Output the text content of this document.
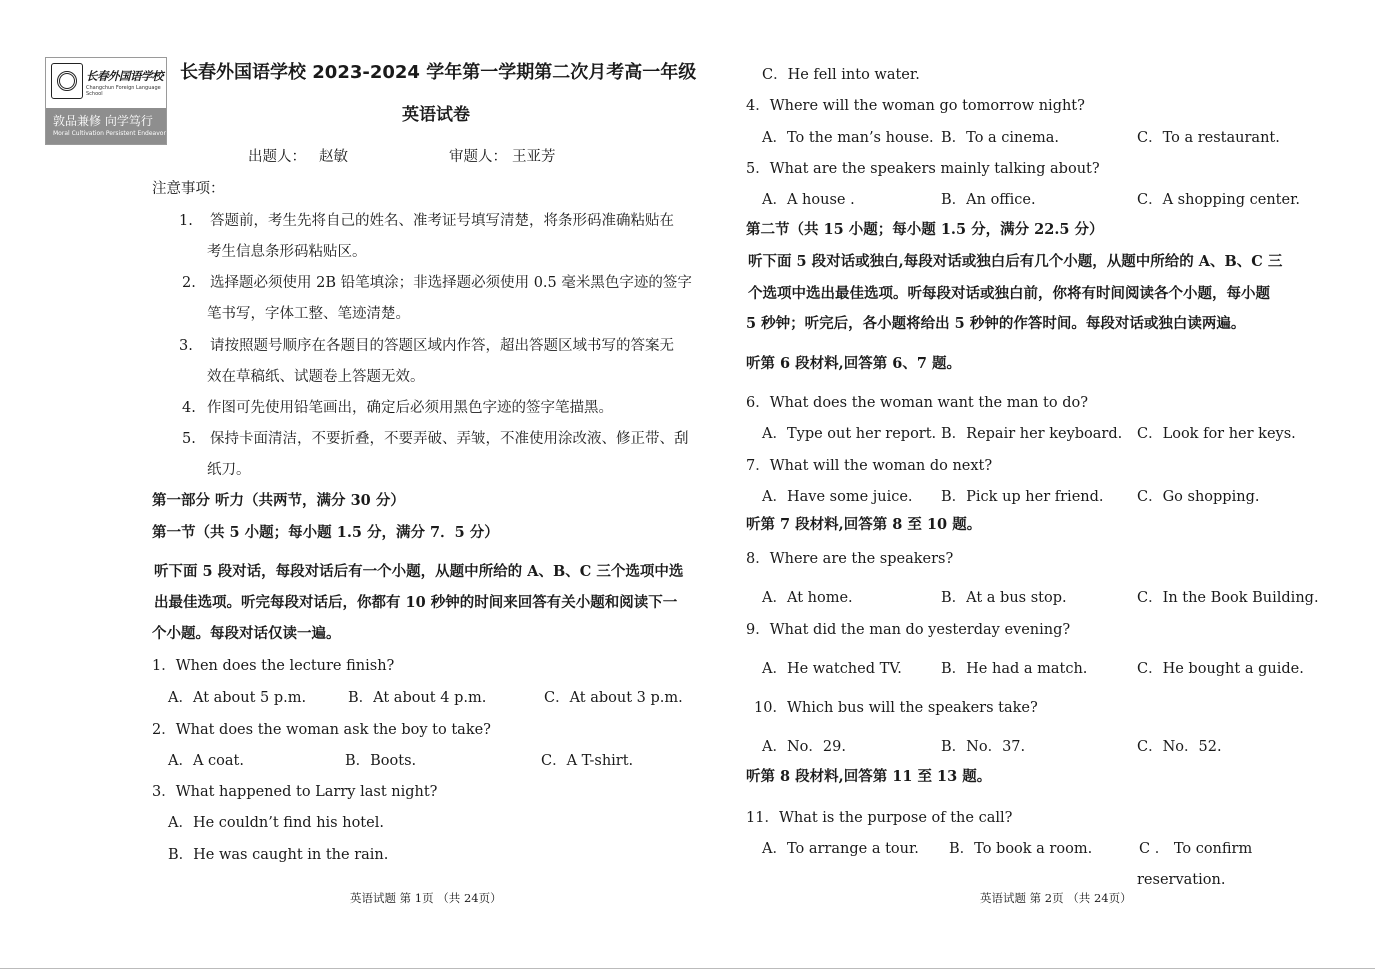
长春外国语学校
Changchun Foreign Language School
敦品兼修 向学笃行
Moral Cultivation Persistent Endeavor
长春外国语学校 2023-2024 学年第一学期第二次月考高一年级
英语试卷
出题人： 赵敏	审题人： 王亚芳
注意事项：
1. 答题前，考生先将自己的姓名、准考证号填写清楚，将条形码准确粘贴在
考生信息条形码粘贴区。
2. 选择题必须使用 2B 铅笔填涂；非选择题必须使用 0.5 毫米黑色字迹的签字
笔书写，字体工整、笔迹清楚。
3. 请按照题号顺序在各题目的答题区域内作答，超出答题区域书写的答案无
效在草稿纸、试题卷上答题无效。
4. 作图可先使用铅笔画出，确定后必须用黑色字迹的签字笔描黑。
5. 保持卡面清洁，不要折叠，不要弄破、弄皱，不准使用涂改液、修正带、刮
纸刀。
第一部分 听力（共两节，满分 30 分）
第一节（共 5 小题；每小题 1.5 分，满分 7．5 分）
听下面 5 段对话，每段对话后有一个小题，从题中所给的 A、B、C 三个选项中选
出最佳选项。听完每段对话后，你都有 10 秒钟的时间来回答有关小题和阅读下一
个小题。每段对话仅读一遍。
1．When does the lecture finish?
A．At about 5 p.m.	B．At about 4 p.m.	C．At about 3 p.m.
2．What does the woman ask the boy to take?
A．A coat.	B．Boots.	C．A T-shirt.
3．What happened to Larry last night?
A．He couldn’t find his hotel.
B．He was caught in the rain.
C．He fell into water.
4．Where will the woman go tomorrow night?
A．To the man’s house. B．To a cinema.	C．To a restaurant.
5．What are the speakers mainly talking about?
A．A house .	B．An office.	C．A shopping center.
第二节（共 15 小题；每小题 1.5 分，满分 22.5 分）
听下面 5 段对话或独白,每段对话或独白后有几个小题，从题中所给的 A、B、C 三
个选项中选出最佳选项。听每段对话或独白前，你将有时间阅读各个小题，每小题
5 秒钟；听完后，各小题将给出 5 秒钟的作答时间。每段对话或独白读两遍。
听第 6 段材料,回答第 6、7 题。
6．What does the woman want the man to do?
A．Type out her report. B．Repair her keyboard. C．Look for her keys.
7．What will the woman do next?
A．Have some juice. B．Pick up her friend. C．Go shopping.
听第 7 段材料,回答第 8 至 10 题。
8．Where are the speakers?
A．At home.	B．At a bus stop.	C．In the Book Building.
9．What did the man do yesterday evening?
A．He watched TV.	B．He had a match.	C．He bought a guide.
10．Which bus will the speakers take?
A．No．29.	B．No．37.	C．No．52.
听第 8 段材料,回答第 11 至 13 题。
11．What is the purpose of the call?
A．To arrange a tour. B．To book a room.	C ． To confirm
reservation.
英语试题 第 1页 （共 24页）	英语试题 第 2页 （共 24页）
